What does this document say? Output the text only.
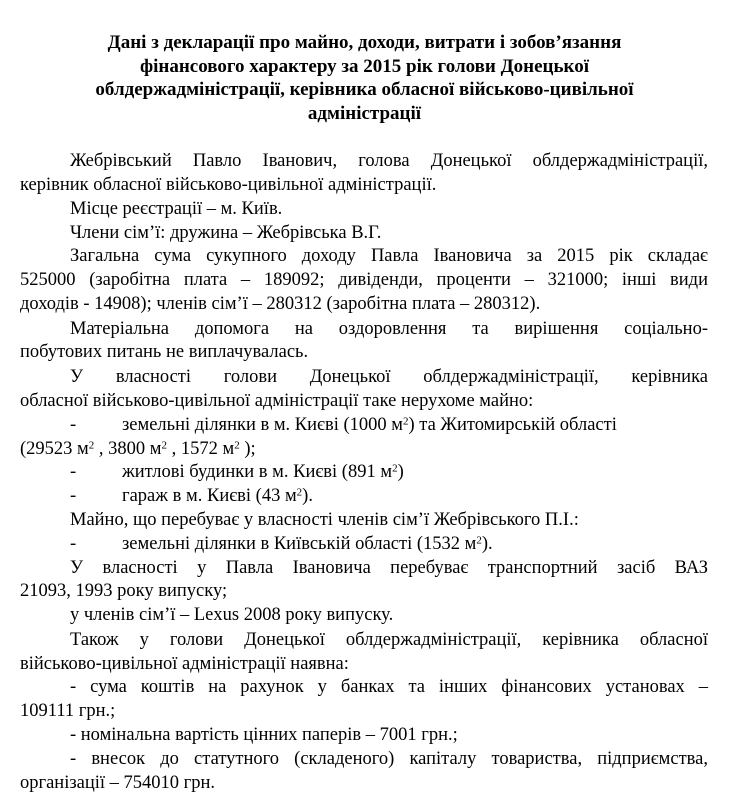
Дані з декларації про майно, доходи, витрати і зобов’язання
фінансового характеру за 2015 рік голови Донецької
облдержадміністрації, керівника обласної військово-цивільної
адміністрації
Жебрівський Павло Іванович, голова Донецької облдержадміністрації,
керівник обласної військово-цивільної адміністрації.
Місце реєстрації – м. Київ.
Члени сім’ї: дружина – Жебрівська В.Г.
Загальна сума сукупного доходу Павла Івановича за 2015 рік складає
525000 (заробітна плата – 189092; дивіденди, проценти – 321000; інші види
доходів - 14908); членів сім’ї – 280312 (заробітна плата – 280312).
Матеріальна допомога на оздоровлення та вирішення соціально-
побутових питань не виплачувалась.
У власності голови Донецької облдержадміністрації, керівника
обласної військово-цивільної адміністрації таке нерухоме майно:
- земельні ділянки в м. Києві (1000 $м^2$) та Житомирській області
(29523 $м^2$ , 3800 $м^2$ , 1572 $м^2$ );
- житлові будинки в м. Києві (891 $м^2$)
- гараж в м. Києві (43 $м^2$).
Майно, що перебуває у власності членів сім’ї Жебрівського П.І.:
- земельні ділянки в Київській області (1532 $м^2$).
У власності у Павла Івановича перебуває транспортний засіб ВАЗ
21093, 1993 року випуску;
у членів сім’ї – Lexus 2008 року випуску.
Також у голови Донецької облдержадміністрації, керівника обласної
військово-цивільної адміністрації наявна:
- сума коштів на рахунок у банках та інших фінансових установах –
109111 грн.;
- номінальна вартість цінних паперів – 7001 грн.;
- внесок до статутного (складеного) капіталу товариства, підприємства,
організації – 754010 грн.
